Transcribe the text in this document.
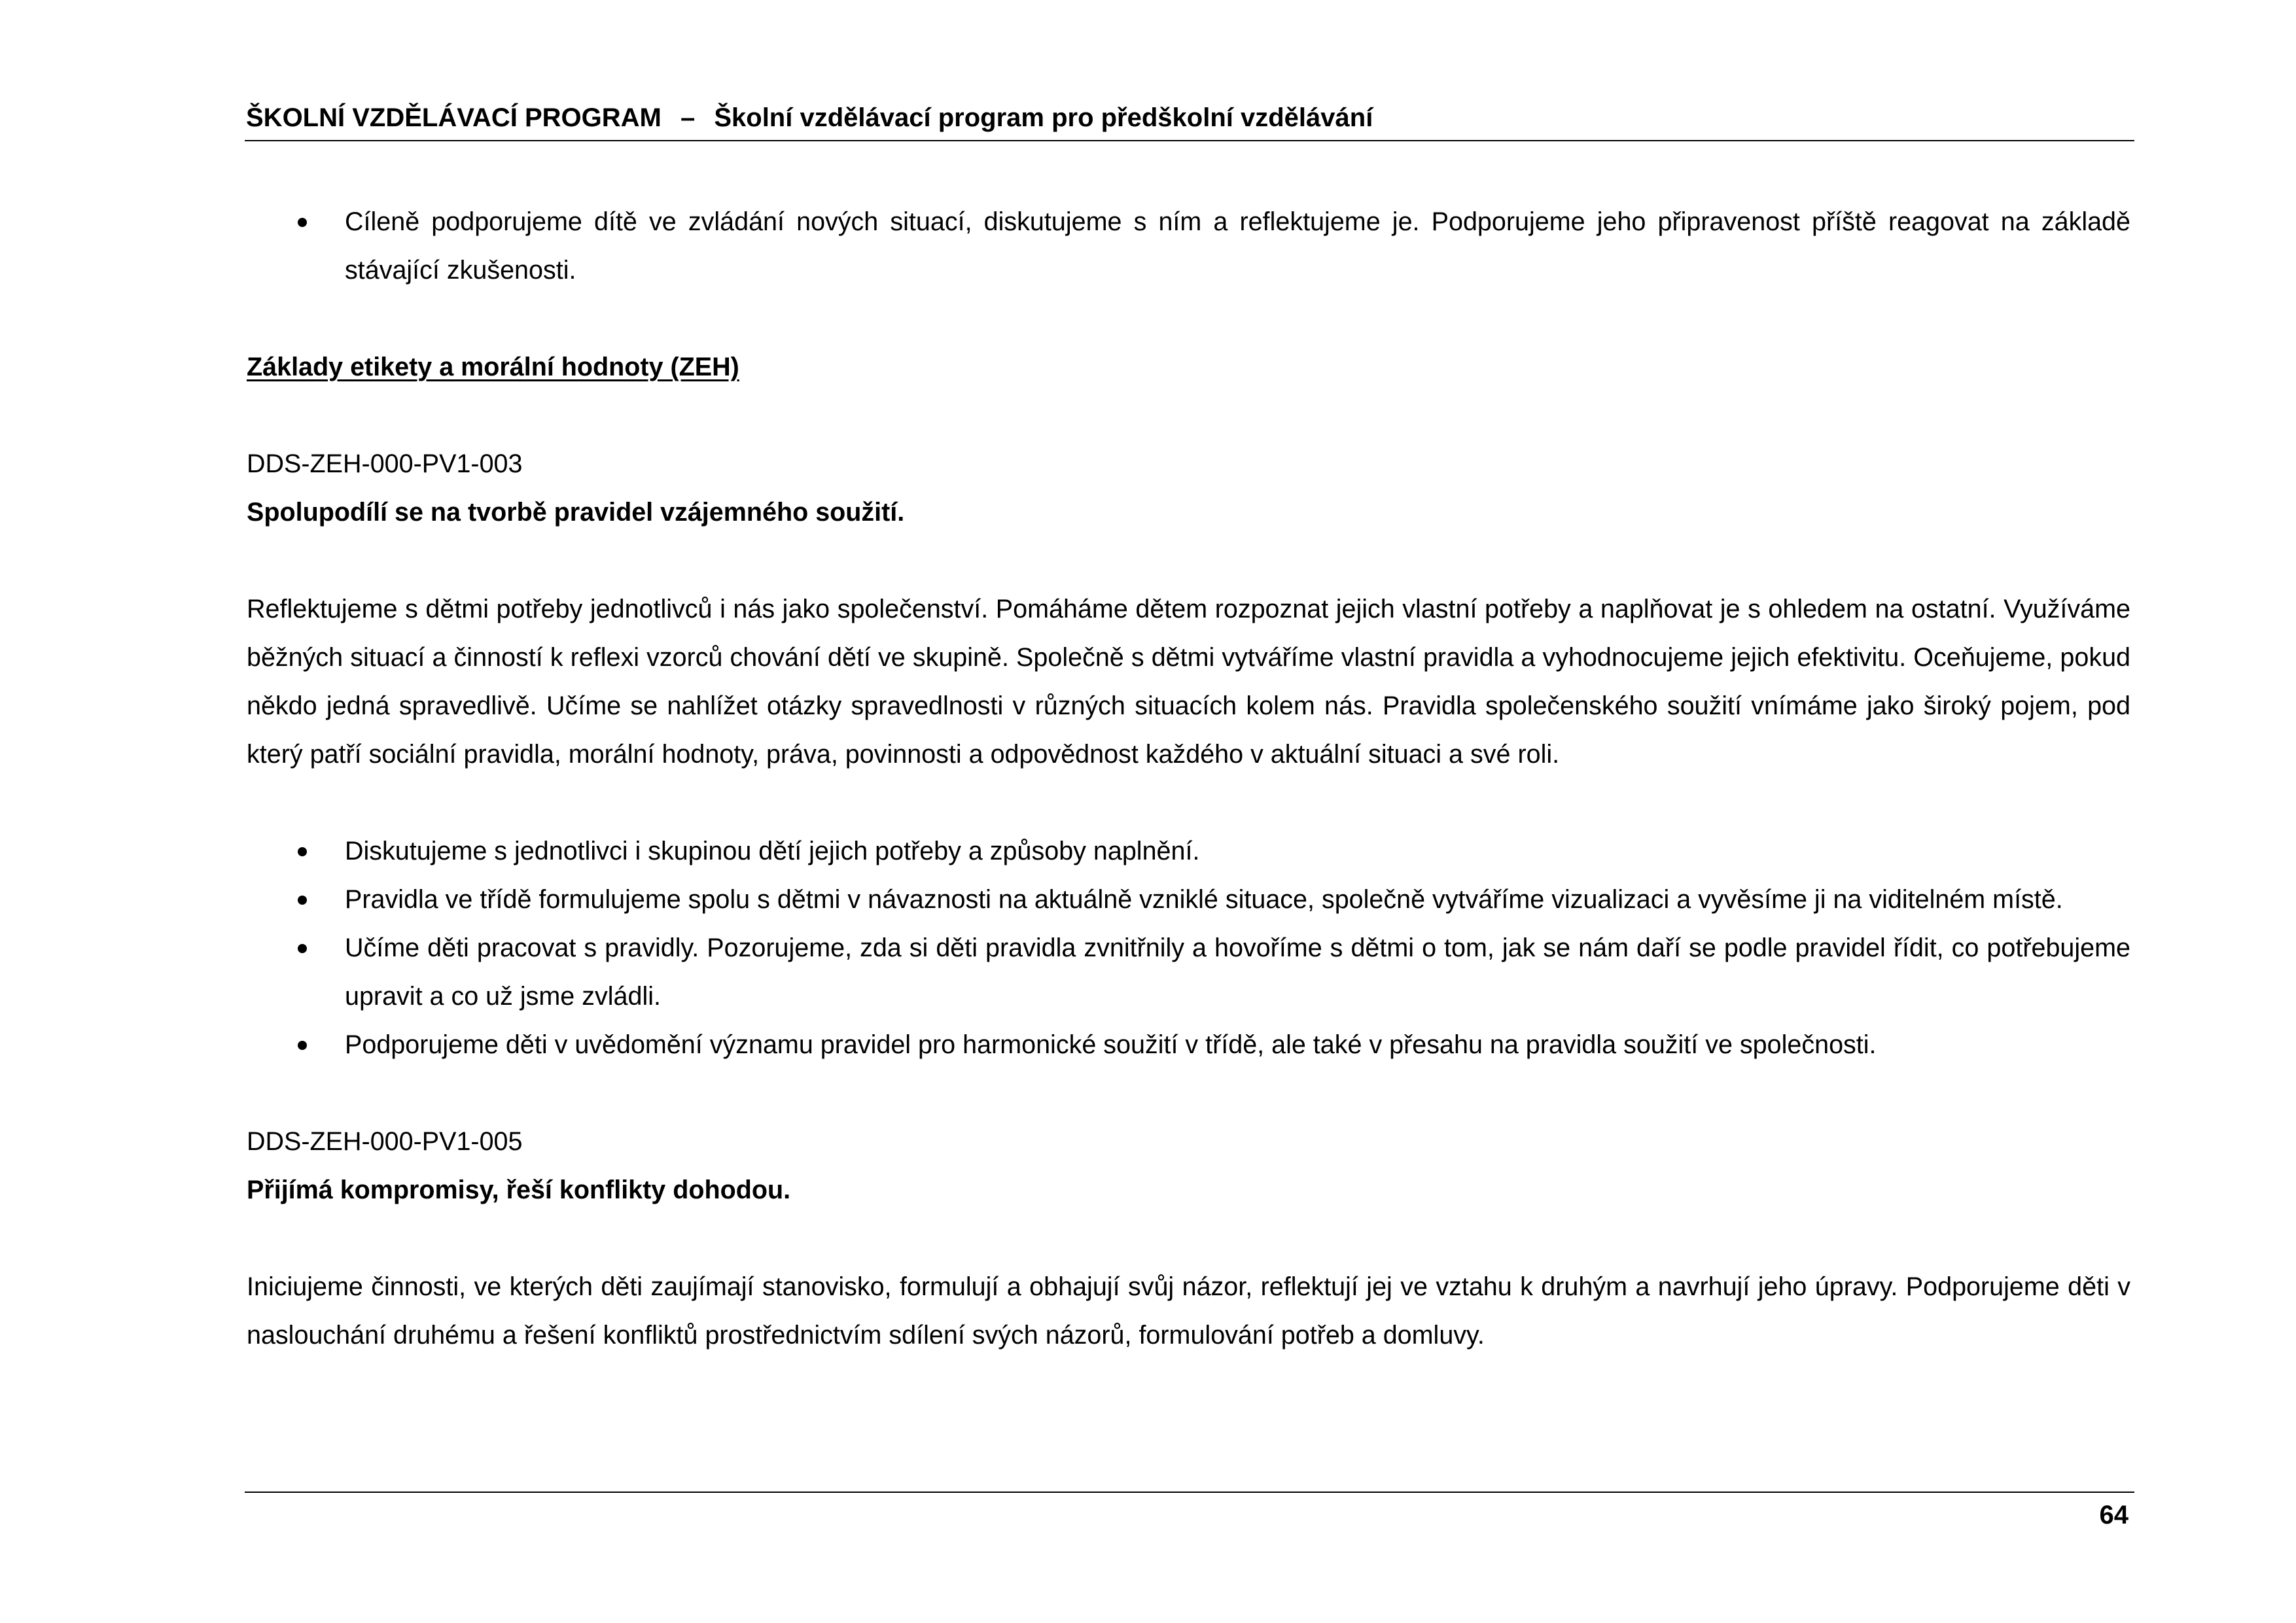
ŠKOLNÍ VZDĚLÁVACÍ PROGRAM – Školní vzdělávací program pro předškolní vzdělávání
Cíleně podporujeme dítě ve zvládání nových situací, diskutujeme s ním a reflektujeme je. Podporujeme jeho připravenost příště reagovat na základě stávající zkušenosti.

Základy etikety a morální hodnoty (ZEH)

DDS-ZEH-000-PV1-003

Spolupodílí se na tvorbě pravidel vzájemného soužití.

Reflektujeme s dětmi potřeby jednotlivců i nás jako společenství. Pomáháme dětem rozpoznat jejich vlastní potřeby a naplňovat je s ohledem na ostatní. Využíváme běžných situací a činností k reflexi vzorců chování dětí ve skupině. Společně s dětmi vytváříme vlastní pravidla a vyhodnocujeme jejich efektivitu. Oceňujeme, pokud někdo jedná spravedlivě. Učíme se nahlížet otázky spravedlnosti v různých situacích kolem nás. Pravidla společenského soužití vnímáme jako široký pojem, pod který patří sociální pravidla, morální hodnoty, práva, povinnosti a odpovědnost každého v aktuální situaci a své roli.

Diskutujeme s jednotlivci i skupinou dětí jejich potřeby a způsoby naplnění.
Pravidla ve třídě formulujeme spolu s dětmi v návaznosti na aktuálně vzniklé situace, společně vytváříme vizualizaci a vyvěsíme ji na viditelném místě.
Učíme děti pracovat s pravidly. Pozorujeme, zda si děti pravidla zvnitřnily a hovoříme s dětmi o tom, jak se nám daří se podle pravidel řídit, co potřebujeme upravit a co už jsme zvládli.
Podporujeme děti v uvědomění významu pravidel pro harmonické soužití v třídě, ale také v přesahu na pravidla soužití ve společnosti.

DDS-ZEH-000-PV1-005

Přijímá kompromisy, řeší konflikty dohodou.

Iniciujeme činnosti, ve kterých děti zaujímají stanovisko, formulují a obhajují svůj názor, reflektují jej ve vztahu k druhým a navrhují jeho úpravy. Podporujeme děti v naslouchání druhému a řešení konfliktů prostřednictvím sdílení svých názorů, formulování potřeb a domluvy.

64
